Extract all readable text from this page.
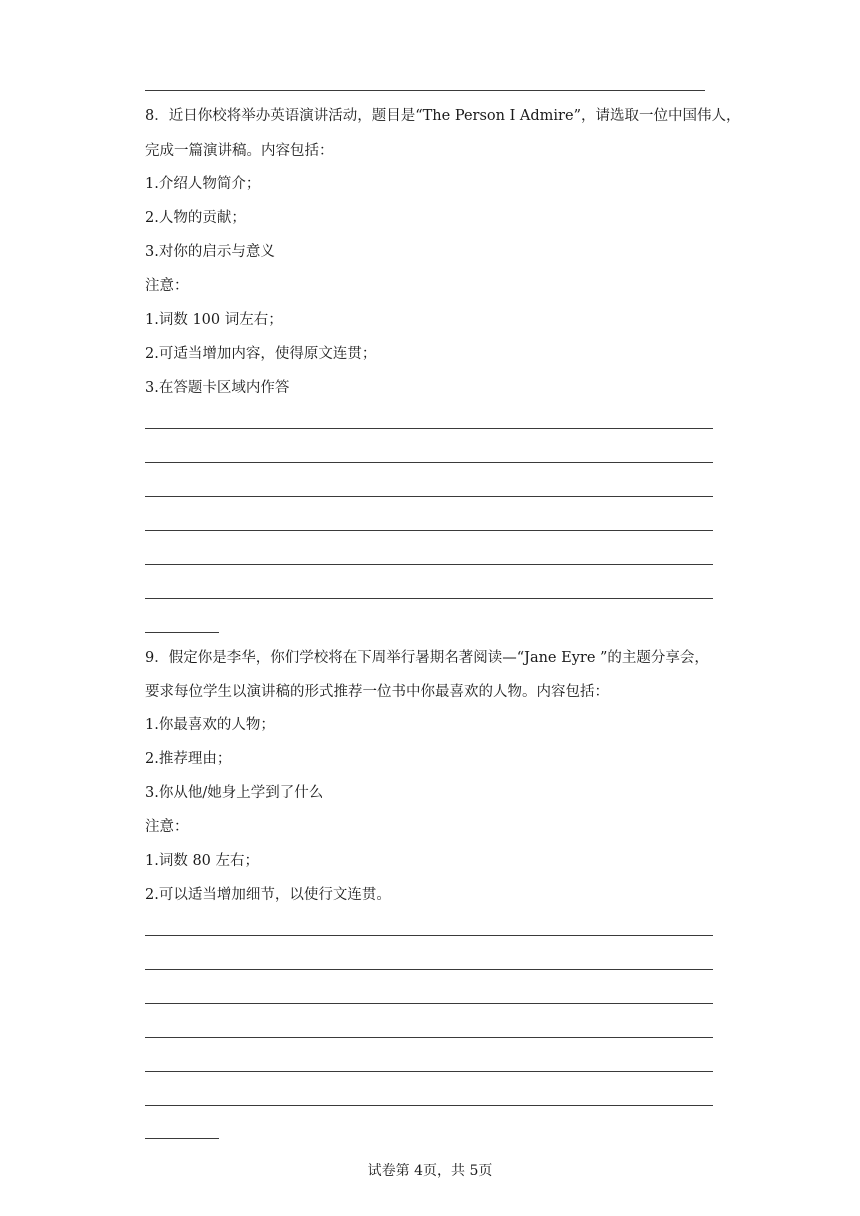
8．近日你校将举办英语演讲活动，题目是“The Person I Admire”，请选取一位中国伟人，
完成一篇演讲稿。内容包括：
1.介绍人物简介；
2.人物的贡献；
3.对你的启示与意义
注意：
1.词数 100 词左右；
2.可适当增加内容，使得原文连贯；
3.在答题卡区域内作答
9．假定你是李华，你们学校将在下周举行暑期名著阅读—“Jane Eyre ”的主题分享会，
要求每位学生以演讲稿的形式推荐一位书中你最喜欢的人物。内容包括：
1.你最喜欢的人物；
2.推荐理由；
3.你从他/她身上学到了什么
注意：
1.词数 80 左右；
2.可以适当增加细节，以使行文连贯。
试卷第 4页，共 5页
